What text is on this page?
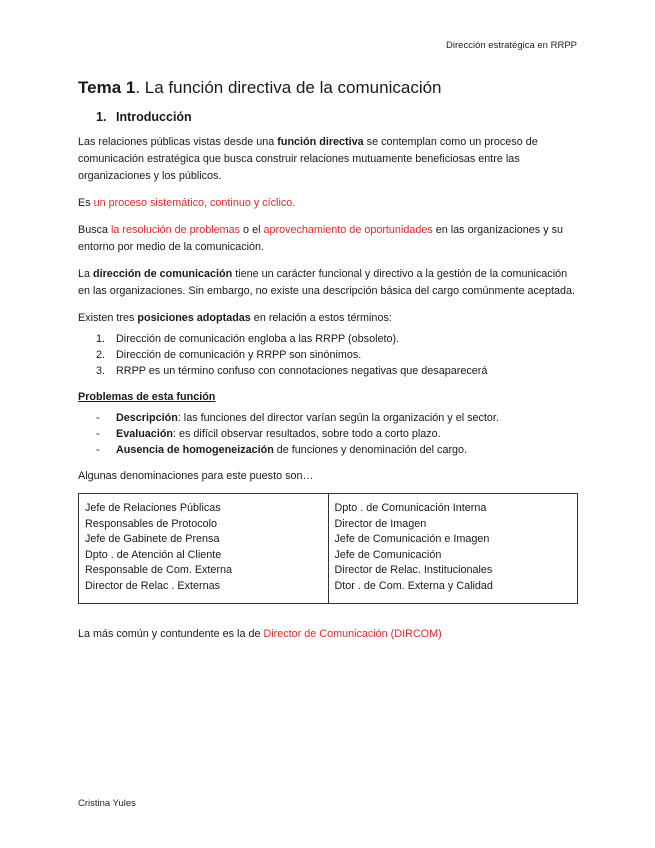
Dirección estratégica en RRPP
Tema 1. La función directiva de la comunicación
1. Introducción

Las relaciones públicas vistas desde una función directiva se contemplan como un proceso de comunicación estratégica que busca construir relaciones mutuamente beneficiosas entre las organizaciones y los públicos.

Es un proceso sistemático, continuo y cíclico.

Busca la resolución de problemas o el aprovechamiento de oportunidades en las organizaciones y su entorno por medio de la comunicación.

La dirección de comunicación tiene un carácter funcional y directivo a la gestión de la comunicación en las organizaciones. Sin embargo, no existe una descripción básica del cargo comúnmente aceptada.

Existen tres posiciones adoptadas en relación a estos términos:

1. Dirección de comunicación engloba a las RRPP (obsoleto).
2. Dirección de comunicación y RRPP son sinónimos.
3. RRPP es un término confuso con connotaciones negativas que desaparecerá

Problemas de esta función

- Descripción: las funciones del director varían según la organización y el sector.
- Evaluación: es difícil observar resultados, sobre todo a corto plazo.
- Ausencia de homogeneización de funciones y denominación del cargo.

Algunas denominaciones para este puesto son…

Jefe de Relaciones Públicas
Responsables de Protocolo
Jefe de Gabinete de Prensa
Dpto . de Atención al Cliente
Responsable de Com. Externa
Director de Relac . Externas

Dpto . de Comunicación Interna
Director de Imagen
Jefe de Comunicación e Imagen
Jefe de Comunicación
Director de Relac. Institucionales
Dtor . de Com. Externa y Calidad

La más común y contundente es la de Director de Comunicación (DIRCOM)

Cristina Yules
